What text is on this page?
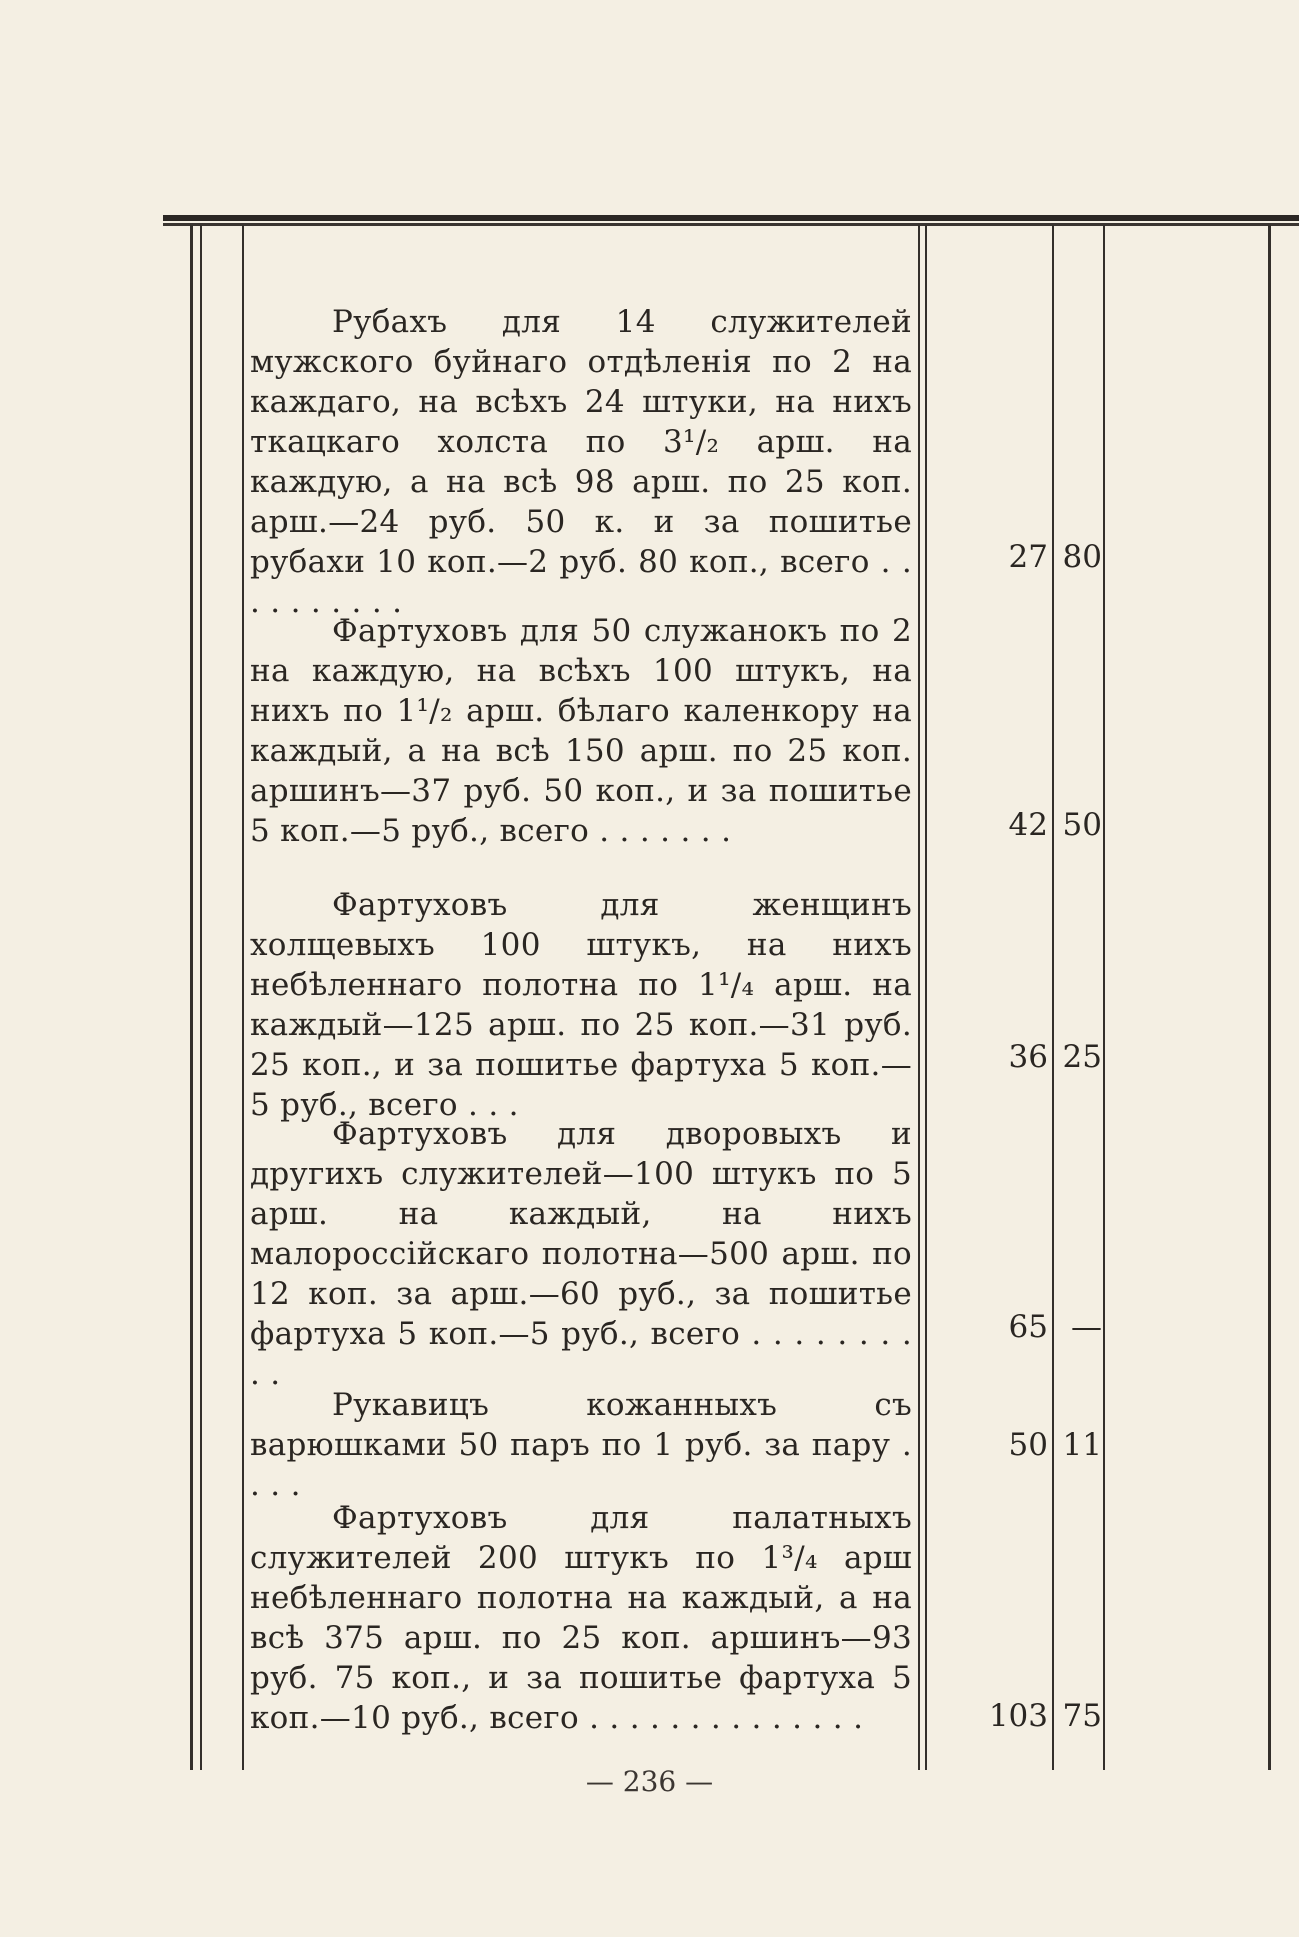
Рубахъ для 14 служителей мужского буйнаго отдѣленія по 2 на каждаго, на всѣхъ 24 штуки, на нихъ ткацкаго холста по 3¹/₂ арш. на каждую, а на всѣ 98 арш. по 25 коп. арш.—24 руб. 50 к. и за пошитье рубахи 10 коп.—2 руб. 80 коп., всего . . . . . . . . . .

27 80

Фартуховъ для 50 служанокъ по 2 на каждую, на всѣхъ 100 штукъ, на нихъ по 1¹/₂ арш. бѣлаго каленкору на каждый, а на всѣ 150 арш. по 25 коп. аршинъ—37 руб. 50 коп., и за пошитье 5 коп.—5 руб., всего . . . . . . .	42 50

Фартуховъ для женщинъ холщевыхъ 100 штукъ, на нихъ небѣленнаго полотна по 1¹/₄ арш. на каждый—125 арш. по 25 коп.—31 руб. 25 коп., и за пошитье фартуха 5 коп.—5 руб., всего . . .

36 25

Фартуховъ для дворовыхъ и другихъ служителей—100 штукъ по 5 арш. на каждый, на нихъ малороссійскаго полотна—500 арш. по 12 коп. за арш.—60 руб., за пошитье фартуха 5 коп.—5 руб., всего . . . . . . . . . .

65 —

Рукавицъ кожанныхъ съ варюшками 50 паръ по 1 руб. за пару . . . .

50 11

Фартуховъ для палатныхъ служителей 200 штукъ по 1³/₄ арш небѣленнаго полотна на каждый, а на всѣ 375 арш. по 25 коп. аршинъ—93 руб. 75 коп., и за пошитье фартуха 5 коп.—10 руб., всего . . . . . . . . . . . . . .	103 75
— 236 —
